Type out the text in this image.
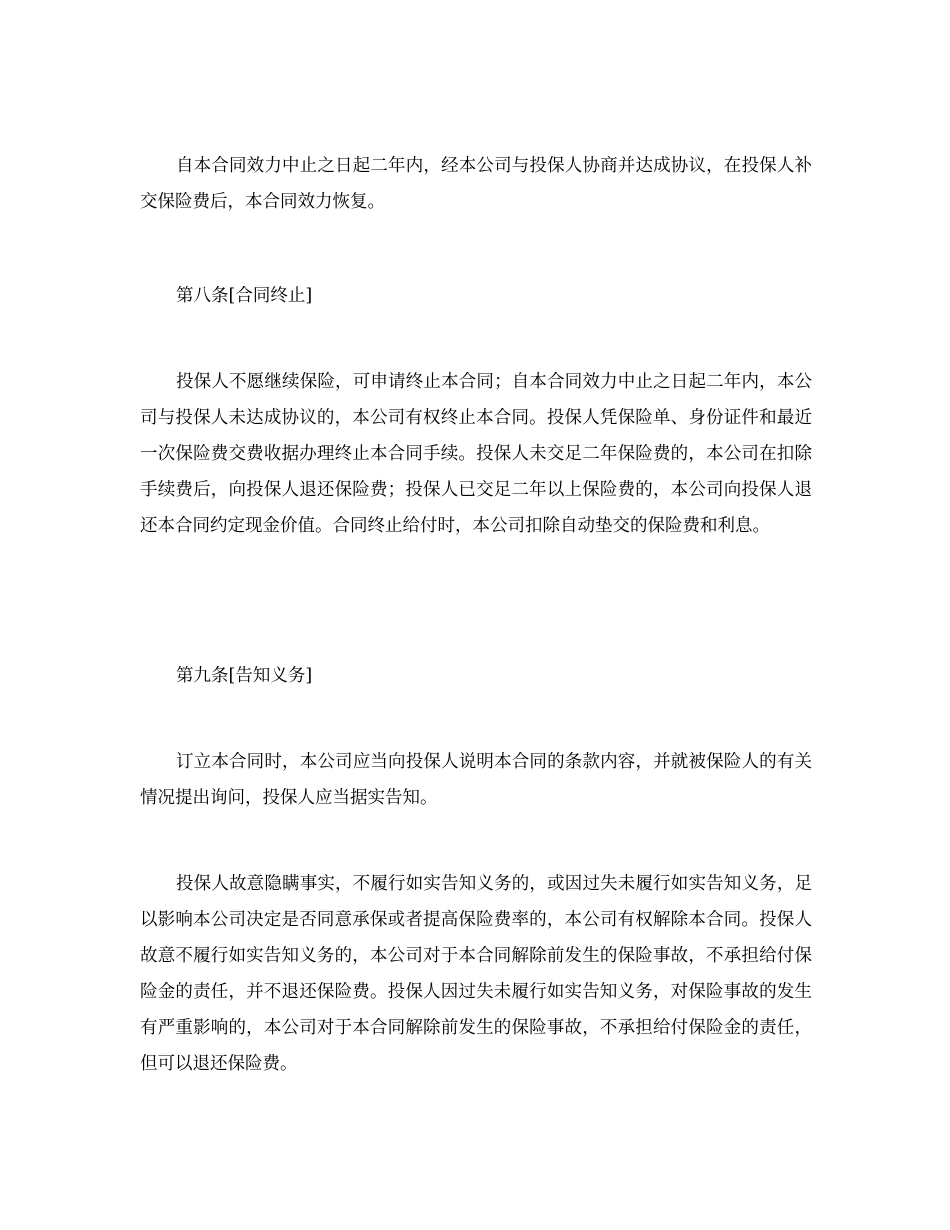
自本合同效力中止之日起二年内，经本公司与投保人协商并达成协议，在投保人补交保险费后，本合同效力恢复。

第八条[合同终止]

投保人不愿继续保险，可申请终止本合同；自本合同效力中止之日起二年内，本公司与投保人未达成协议的，本公司有权终止本合同。投保人凭保险单、身份证件和最近一次保险费交费收据办理终止本合同手续。投保人未交足二年保险费的，本公司在扣除手续费后，向投保人退还保险费；投保人已交足二年以上保险费的，本公司向投保人退还本合同约定现金价值。合同终止给付时，本公司扣除自动垫交的保险费和利息。

第九条[告知义务]

订立本合同时，本公司应当向投保人说明本合同的条款内容，并就被保险人的有关情况提出询问，投保人应当据实告知。

投保人故意隐瞒事实，不履行如实告知义务的，或因过失未履行如实告知义务，足以影响本公司决定是否同意承保或者提高保险费率的，本公司有权解除本合同。投保人故意不履行如实告知义务的，本公司对于本合同解除前发生的保险事故，不承担给付保险金的责任，并不退还保险费。投保人因过失未履行如实告知义务，对保险事故的发生有严重影响的，本公司对于本合同解除前发生的保险事故，不承担给付保险金的责任，但可以退还保险费。
